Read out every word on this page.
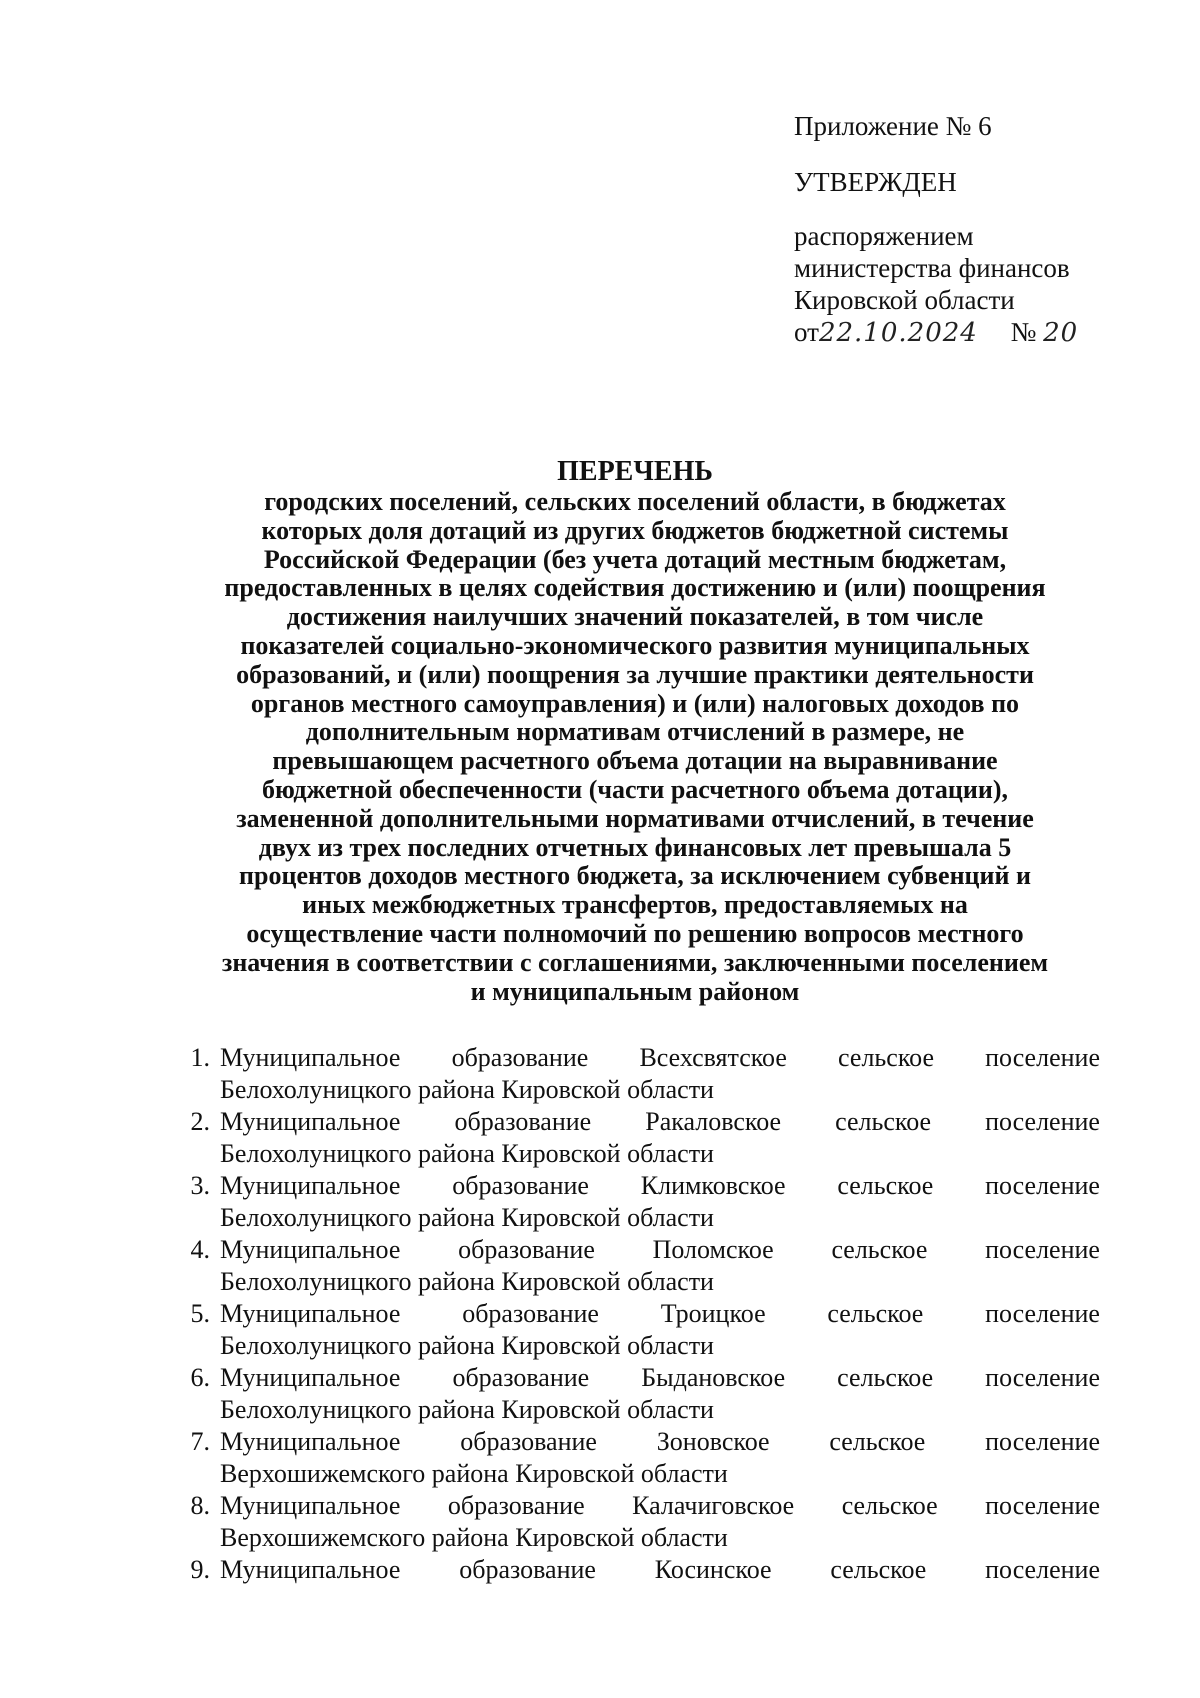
Приложение № 6
УТВЕРЖДЕН
распоряжением
министерства финансов
Кировской области
от22.10.2024 № 20
ПЕРЕЧЕНЬ
городских поселений, сельских поселений области, в бюджетах
которых доля дотаций из других бюджетов бюджетной системы
Российской Федерации (без учета дотаций местным бюджетам,
предоставленных в целях содействия достижению и (или) поощрения
достижения наилучших значений показателей, в том числе
показателей социально-экономического развития муниципальных
образований, и (или) поощрения за лучшие практики деятельности
органов местного самоуправления) и (или) налоговых доходов по
дополнительным нормативам отчислений в размере, не
превышающем расчетного объема дотации на выравнивание
бюджетной обеспеченности (части расчетного объема дотации),
замененной дополнительными нормативами отчислений, в течение
двух из трех последних отчетных финансовых лет превышала 5
процентов доходов местного бюджета, за исключением субвенций и
иных межбюджетных трансфертов, предоставляемых на
осуществление части полномочий по решению вопросов местного
значения в соответствии с соглашениями, заключенными поселением
и муниципальным районом
1. Муниципальное образование Всехсвятское сельское поселение
Белохолуницкого района Кировской области
2. Муниципальное образование Ракаловское сельское поселение
Белохолуницкого района Кировской области
3. Муниципальное образование Климковское сельское поселение
Белохолуницкого района Кировской области
4. Муниципальное образование Поломское сельское поселение
Белохолуницкого района Кировской области
5. Муниципальное образование Троицкое сельское поселение
Белохолуницкого района Кировской области
6. Муниципальное образование Быдановское сельское поселение
Белохолуницкого района Кировской области
7. Муниципальное образование Зоновское сельское поселение
Верхошижемского района Кировской области
8. Муниципальное образование Калачиговское сельское поселение
Верхошижемского района Кировской области
9. Муниципальное образование Косинское сельское поселение
